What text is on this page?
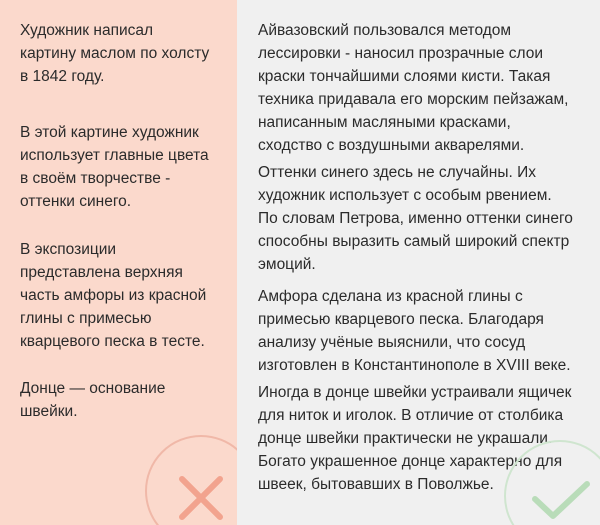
Художник написал
картину маслом по холсту
в 1842 году.

В этой картине художник
использует главные цвета
в своём творчестве -
оттенки синего.

В экспозиции
представлена верхняя
часть амфоры из красной
глины с примесью
кварцевого песка в тесте.

Донце — основание
швейки.

Айвазовский пользовался методом
лессировки - наносил прозрачные слои
краски тончайшими слоями кисти. Такая
техника придавала его морским пейзажам,
написанным масляными красками,
сходство с воздушными акварелями.

Оттенки синего здесь не случайны. Их
художник использует с особым рвением.
По словам Петрова, именно оттенки синего
способны выразить самый широкий спектр
эмоций.

Амфора сделана из красной глины с
примесью кварцевого песка. Благодаря
анализу учёные выяснили, что сосуд
изготовлен в Константинополе в XVIII веке.

Иногда в донце швейки устраивали ящичек
для ниток и иголок. В отличие от столбика
донце швейки практически не украшали.
Богато украшенное донце характерно для
швеек, бытовавших в Поволжье.
